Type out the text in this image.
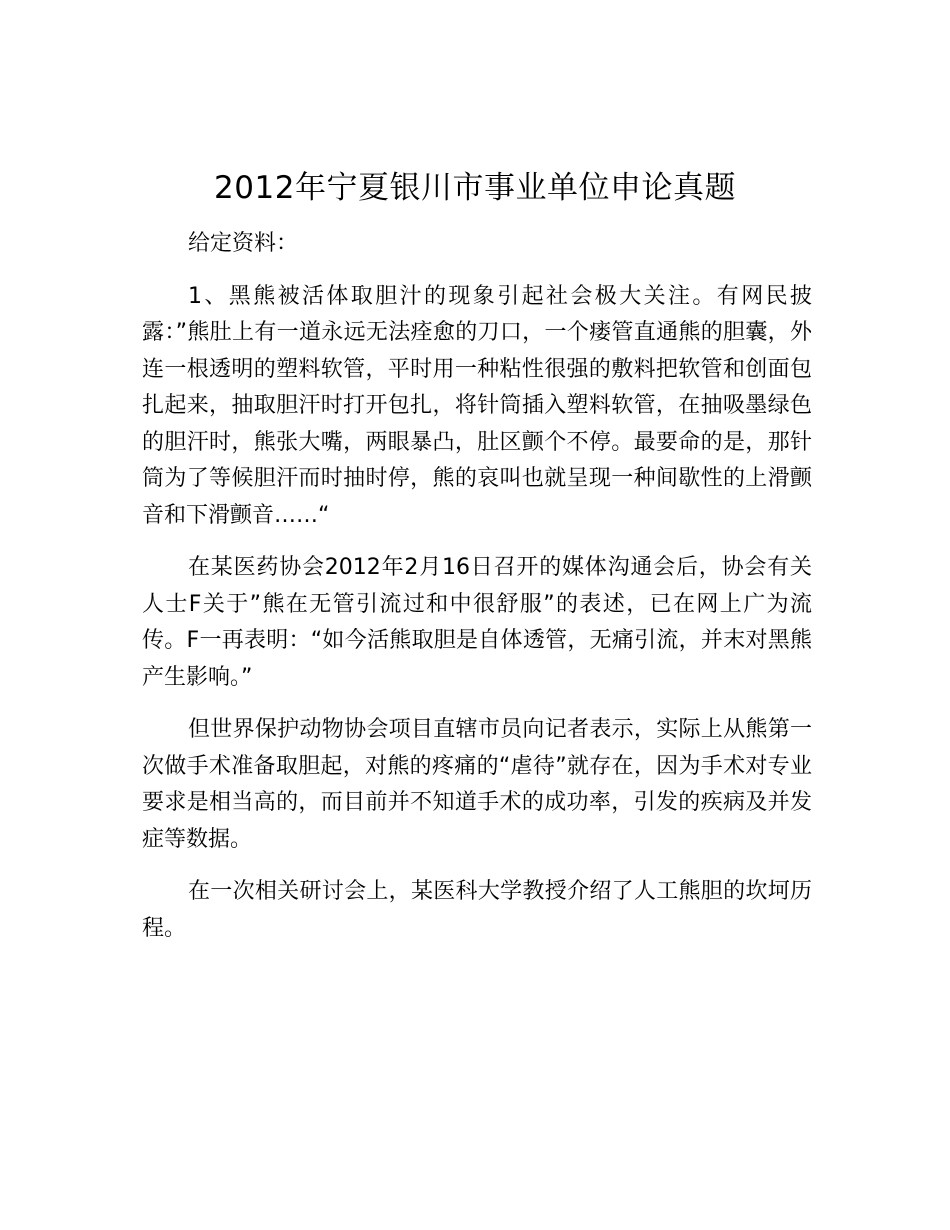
2012年宁夏银川市事业单位申论真题

给定资料：

1、黑熊被活体取胆汁的现象引起社会极大关注。有网民披露：”熊肚上有一道永远无法痊愈的刀口，一个瘘管直通熊的胆囊，外连一根透明的塑料软管，平时用一种粘性很强的敷料把软管和创面包扎起来，抽取胆汗时打开包扎，将针筒插入塑料软管，在抽吸墨绿色的胆汗时，熊张大嘴，两眼暴凸，肚区颤个不停。最要命的是，那针筒为了等候胆汗而时抽时停，熊的哀叫也就呈现一种间歇性的上滑颤音和下滑颤音……“

在某医药协会2012年2月16日召开的媒体沟通会后，协会有关人士F关于”熊在无管引流过和中很舒服”的表述，已在网上广为流传。F一再表明：“如今活熊取胆是自体透管，无痛引流，并末对黑熊产生影响。”

但世界保护动物协会项目直辖市员向记者表示，实际上从熊第一次做手术准备取胆起，对熊的疼痛的“虐待”就存在，因为手术对专业要求是相当高的，而目前并不知道手术的成功率，引发的疾病及并发症等数据。

在一次相关研讨会上，某医科大学教授介绍了人工熊胆的坎坷历程。
